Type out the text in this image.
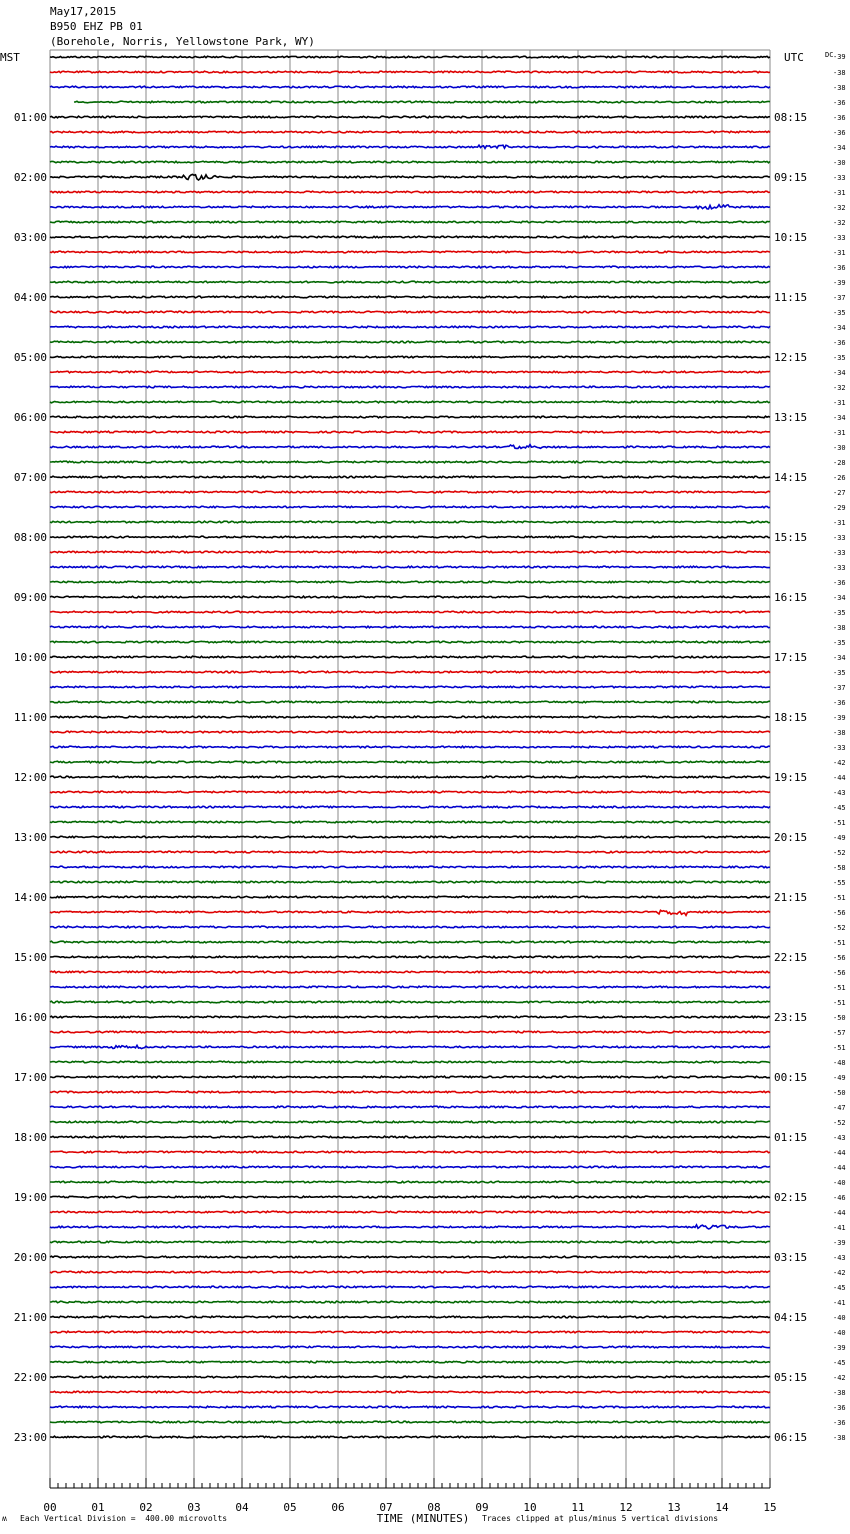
May17,2015
B950 EHZ PB 01
(Borehole, Norris, Yellowstone Park, WY)
MST	UTC	DC
TIME (MINUTES)
01:00
02:00
03:00
04:00
05:00
06:00
07:00
08:00
09:00
10:00
11:00
12:00
13:00
14:00
15:00
16:00
17:00
18:00
19:00
20:00
21:00
22:00
23:00
08:15
09:15
10:15
11:15
12:15
13:15
14:15
15:15
16:15
17:15
18:15
19:15
20:15
21:15
22:15
23:15
00:15
01:15
02:15
03:15
04:15
05:15
06:15
-39
-38
-38
-36
-36
-36
-34
-30
-33
-31
-32
-32
-33
-31
-36
-39
-37
-35
-34
-36
-35
-34
-32
-31
-34
-31
-30
-28
-26
-27
-29
-31
-33
-33
-33
-36
-34
-35
-38
-35
-34
-35
-37
-36
-39
-38
-33
-42
-44
-43
-45
-51
-49
-52
-58
-55
-51
-56
-52
-51
-56
-56
-51
-51
-50
-57
-51
-48
-49
-50
-47
-52
-43
-44
-44
-40
-46
-44
-41
-39
-43
-42
-45
-41
-40
-40
-39
-45
-42
-38
-36
-36
-38
00	01	02	03	04	05	06	07	08	09	10	11	12	13	14	15
ʍ Each Vertical Division =  400.00 microvolts	Traces clipped at plus/minus 5 vertical divisions
